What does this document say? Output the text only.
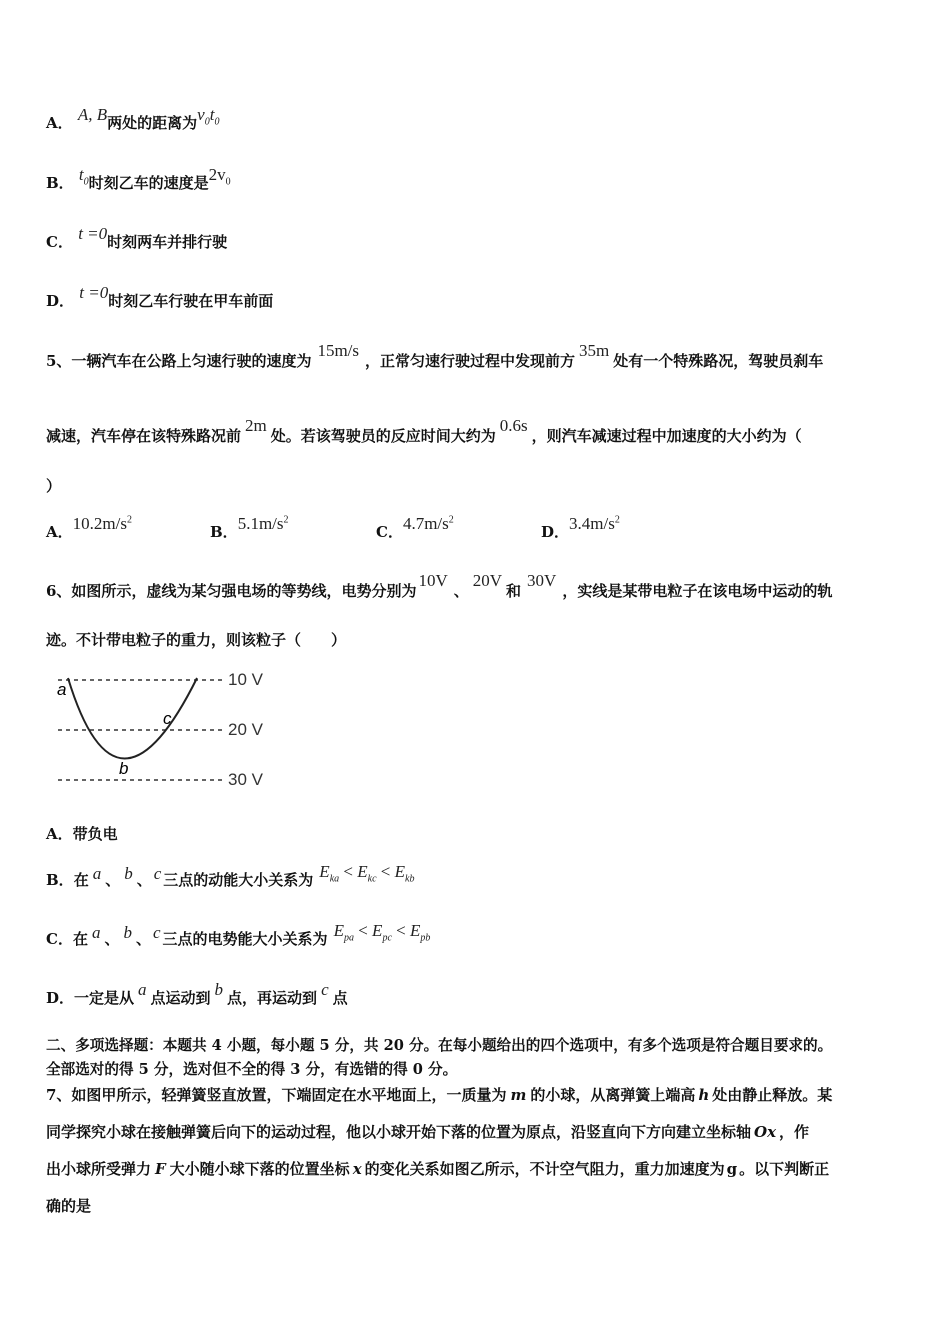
A． A, B两处的距离为$v_0t_0$
B． $t_0$时刻乙车的速度是$2v_0$
C． t =0时刻两车并排行驶
D． t =0时刻乙车行驶在甲车前面
5、一辆汽车在公路上匀速行驶的速度为15m/s，正常匀速行驶过程中发现前方35m处有一个特殊路况，驾驶员刹车
减速，汽车停在该特殊路况前2m处。若该驾驶员的反应时间大约为0.6s，则汽车减速过程中加速度的大小约为（
）
A．$10.2m/s^2$
B．$5.1m/s^2$
C．$4.7m/s^2$
D．$3.4m/s^2$
6、如图所示，虚线为某匀强电场的等势线，电势分别为10V、20V和30V，实线是某带电粒子在该电场中运动的轨
迹。不计带电粒子的重力，则该粒子（　　）
a
b
c
10 V
20 V
30 V
A．带负电
B．在 a 、 b 、 c 三点的动能大小关系为 $E_{ka} < E_{kc} < E_{kb}$
C．在 a 、 b 、 c 三点的电势能大小关系为 $E_{pa} < E_{pc} < E_{pb}$
D．一定是从 a 点运动到 b 点，再运动到 c 点
二、多项选择题：本题共 4 小题，每小题 5 分，共 20 分。在每小题给出的四个选项中，有多个选项是符合题目要求的。
全部选对的得 5 分，选对但不全的得 3 分，有选错的得 0 分。
7、如图甲所示，轻弹簧竖直放置，下端固定在水平地面上，一质量为 m 的小球，从离弹簧上端高 h 处由静止释放。某
同学探究小球在接触弹簧后向下的运动过程，他以小球开始下落的位置为原点，沿竖直向下方向建立坐标轴 Ox ，作
出小球所受弹力 F 大小随小球下落的位置坐标 x 的变化关系如图乙所示，不计空气阻力，重力加速度为 g 。以下判断正
确的是
